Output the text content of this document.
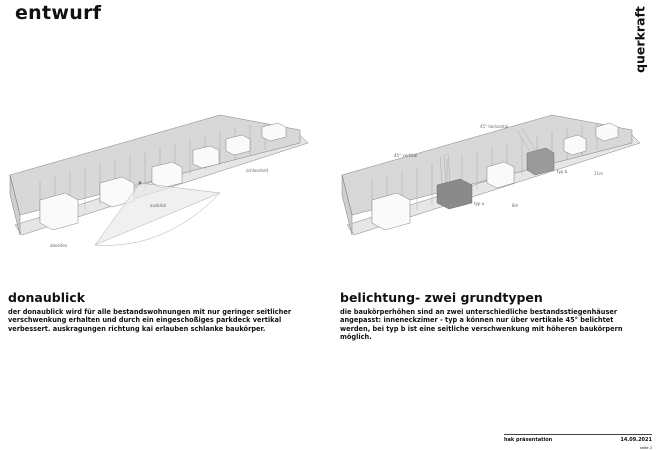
entwurf	querkraft
schlossheit
ausblick
abseiten
45° horizontal
45° vertikal
typ b
typ a
11m
8m
donaublick
der donaublick wird für alle bestandswohnungen mit nur geringer seitlicher verschwenkung erhalten und durch ein eingeschoßiges parkdeck vertikal verbessert. auskragungen richtung kai erlauben schlanke baukörper.
belichtung- zwei grundtypen
die baukörperhöhen sind an zwei unterschiedliche bestandsstiegenhäuser angepasst: inneneckzimer - typ a können nur über vertikale 45° belichtet werden, bei typ b ist eine seitliche verschwenkung mit höheren baukörpern möglich.
hak präsentation	14.09.2021
seite 2
